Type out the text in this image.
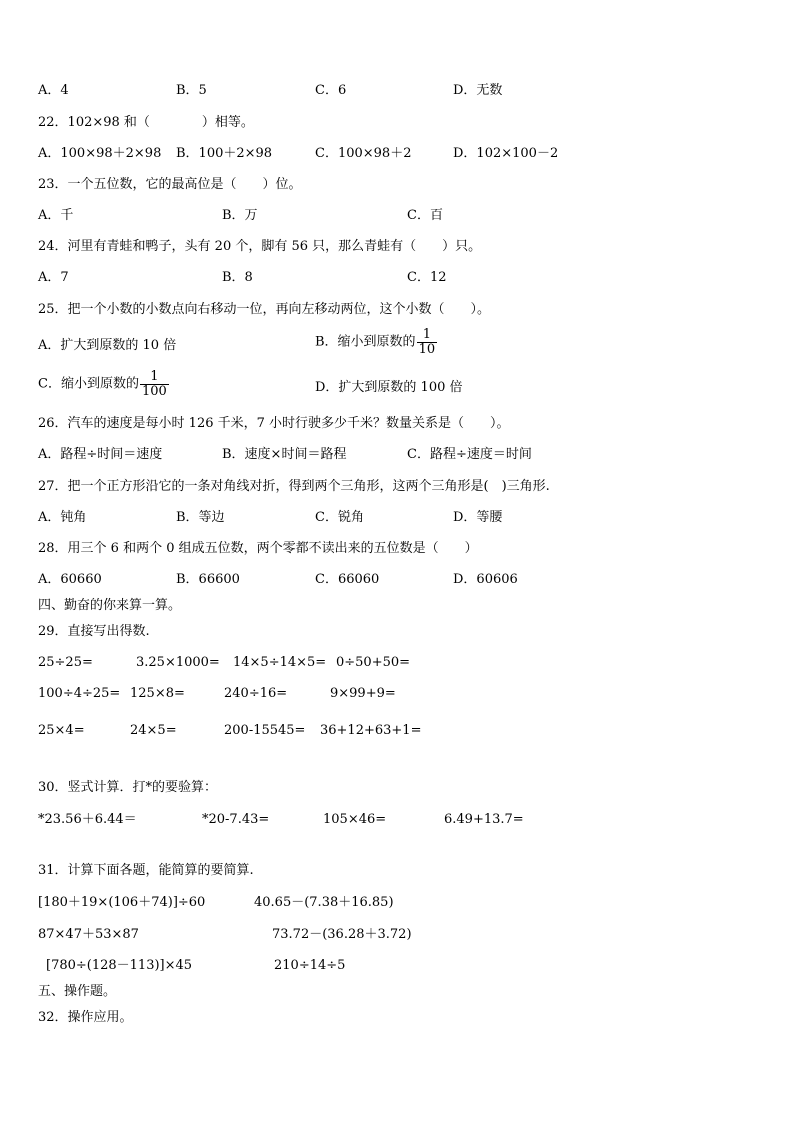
A．4	B．5	C．6	D．无数
22．102×98 和（　　　　）相等。
A．100×98＋2×98 B．100＋2×98	C．100×98＋2	D．102×100－2
23．一个五位数，它的最高位是（　　）位。
A．千	B．万	C．百
24．河里有青蛙和鸭子，头有 20 个，脚有 56 只，那么青蛙有（　　）只。
A．7	B．8	C．12
25．把一个小数的小数点向右移动一位，再向左移动两位，这个小数（　　）。
A．扩大到原数的 10 倍	B．缩小到原数的 $\frac{1}{10}$
C．缩小到原数的 $\frac{1}{100}$	D．扩大到原数的 100 倍
26．汽车的速度是每小时 126 千米，7 小时行驶多少千米？数量关系是（　　）。
A．路程÷时间＝速度	B．速度×时间＝路程	C．路程÷速度＝时间
27．把一个正方形沿它的一条对角线对折，得到两个三角形，这两个三角形是(　)三角形.
A．钝角	B．等边	C．锐角	D．等腰
28．用三个 6 和两个 0 组成五位数，两个零都不读出来的五位数是（　　）
A．60660	B．66600	C．66060	D．60606
四、勤奋的你来算一算。
29．直接写出得数.
25÷25=	3.25×1000= 14×5÷14×5= 0÷50+50=
100÷4÷25= 125×8=	240÷16=	9×99+9=
25×4=	24×5=	200-15545= 36+12+63+1=
30．竖式计算．打*的要验算：
*23.56＋6.44＝	*20-7.43=	105×46=	6.49+13.7=
31．计算下面各题，能简算的要简算.
[180＋19×(106＋74)]÷60	40.65－(7.38＋16.85)
87×47＋53×87	73.72－(36.28＋3.72)
[780÷(128－113)]×45	210÷14÷5
五、操作题。
32．操作应用。
